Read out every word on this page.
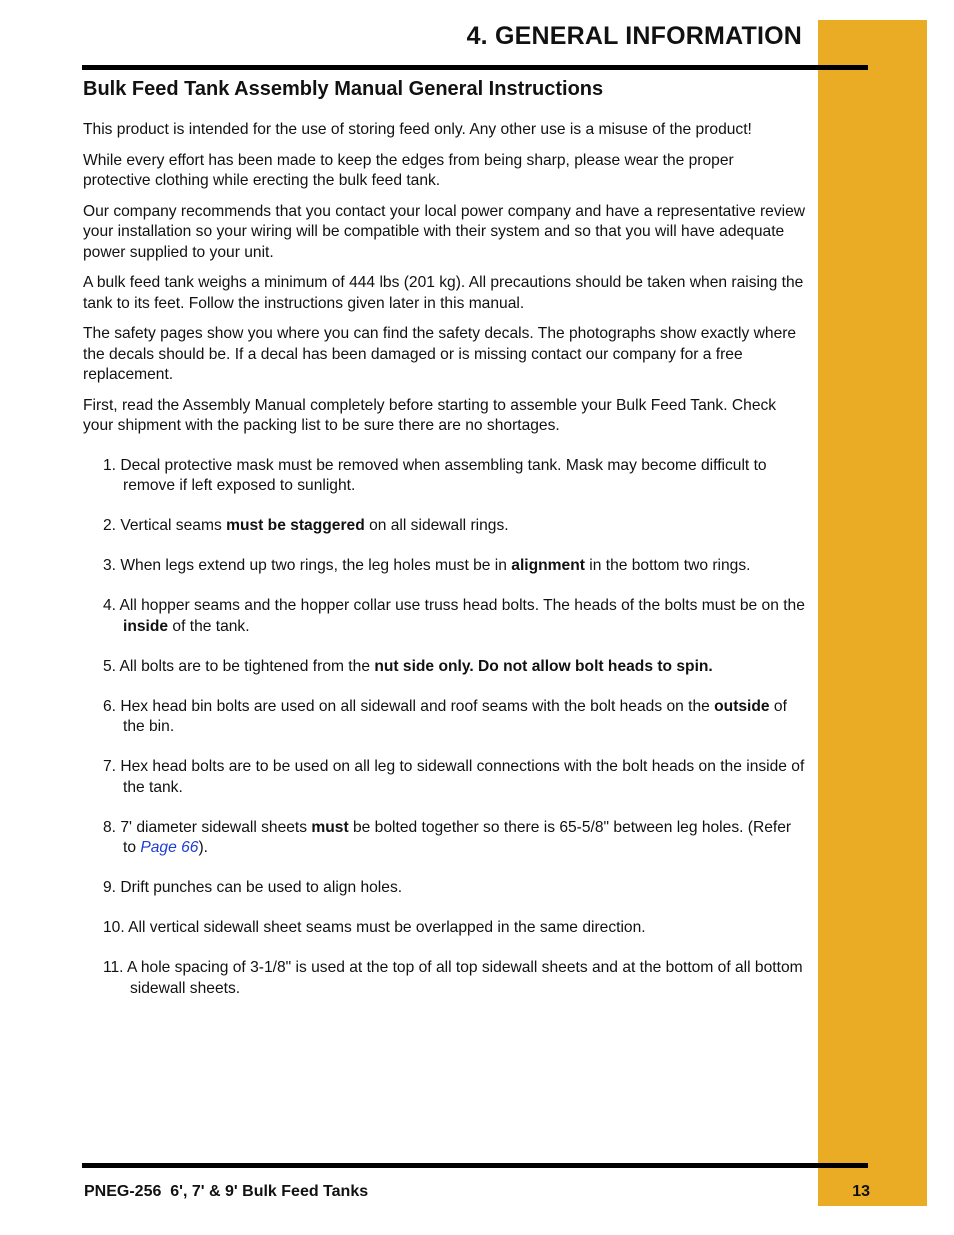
4. GENERAL INFORMATION
Bulk Feed Tank Assembly Manual General Instructions

This product is intended for the use of storing feed only. Any other use is a misuse of the product!

While every effort has been made to keep the edges from being sharp, please wear the proper protective clothing while erecting the bulk feed tank.

Our company recommends that you contact your local power company and have a representative review your installation so your wiring will be compatible with their system and so that you will have adequate power supplied to your unit.

A bulk feed tank weighs a minimum of 444 lbs (201 kg). All precautions should be taken when raising the tank to its feet. Follow the instructions given later in this manual.

The safety pages show you where you can find the safety decals. The photographs show exactly where the decals should be. If a decal has been damaged or is missing contact our company for a free replacement.

First, read the Assembly Manual completely before starting to assemble your Bulk Feed Tank. Check your shipment with the packing list to be sure there are no shortages.

1. Decal protective mask must be removed when assembling tank. Mask may become difficult to remove if left exposed to sunlight.
2. Vertical seams must be staggered on all sidewall rings.
3. When legs extend up two rings, the leg holes must be in alignment in the bottom two rings.
4. All hopper seams and the hopper collar use truss head bolts. The heads of the bolts must be on the inside of the tank.
5. All bolts are to be tightened from the nut side only. Do not allow bolt heads to spin.
6. Hex head bin bolts are used on all sidewall and roof seams with the bolt heads on the outside of the bin.
7. Hex head bolts are to be used on all leg to sidewall connections with the bolt heads on the inside of the tank.
8. 7' diameter sidewall sheets must be bolted together so there is 65-5/8" between leg holes. (Refer to Page 66).
9. Drift punches can be used to align holes.
10. All vertical sidewall sheet seams must be overlapped in the same direction.
11. A hole spacing of 3-1/8" is used at the top of all top sidewall sheets and at the bottom of all bottom sidewall sheets.

PNEG-256  6', 7' & 9' Bulk Feed Tanks	13
